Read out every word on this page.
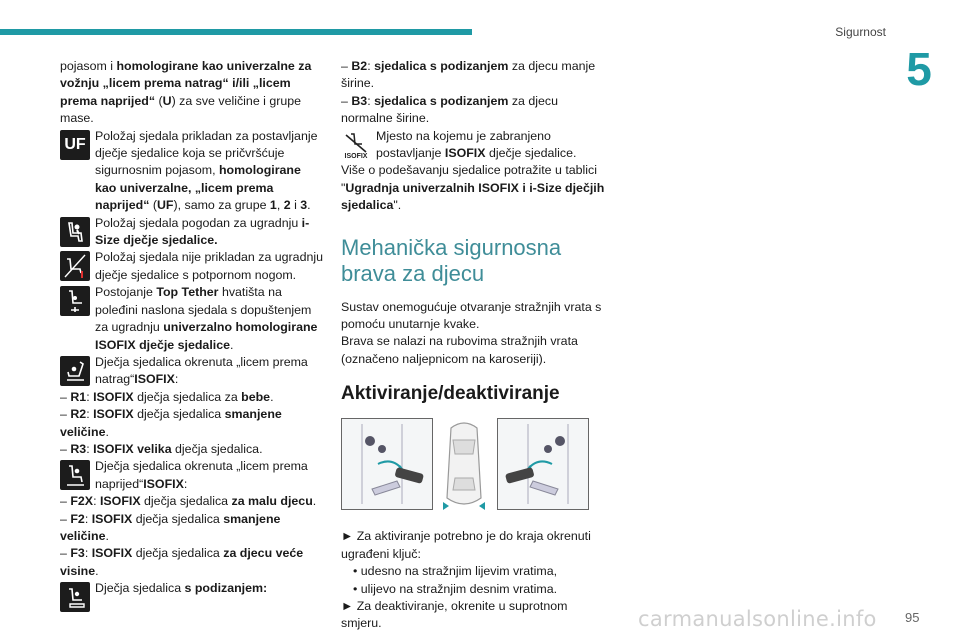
Sigurnost
5

pojasom i homologirane kao univerzalne za vožnju „licem prema natrag“ i/ili „licem prema naprijed“ (U) za sve veličine i grupe mase.

UF Položaj sjedala prikladan za postavljanje dječje sjedalice koja se pričvršćuje sigurnosnim pojasom, homologirane kao univerzalne, „licem prema naprijed“ (UF), samo za grupe 1, 2 i 3.
Položaj sjedala pogodan za ugradnju i-Size dječje sjedalice.
Položaj sjedala nije prikladan za ugradnju dječje sjedalice s potpornom nogom.
Postojanje Top Tether hvatišta na poleđini naslona sjedala s dopuštenjem za ugradnju univerzalno homologirane ISOFIX dječje sjedalice.
Dječja sjedalica okrenuta „licem prema natrag“ISOFIX:

– R1: ISOFIX dječja sjedalica za bebe.

– R2: ISOFIX dječja sjedalica smanjene veličine.

– R3: ISOFIX velika dječja sjedalica.

Dječja sjedalica okrenuta „licem prema naprijed“ISOFIX:

– F2X: ISOFIX dječja sjedalica za malu djecu.

– F2: ISOFIX dječja sjedalica smanjene veličine.

– F3: ISOFIX dječja sjedalica za djecu veće visine.

Dječja sjedalica s podizanjem:

– B2: sjedalica s podizanjem za djecu manje širine.

– B3: sjedalica s podizanjem za djecu normalne širine.

ISOFIX
Mjesto na kojemu je zabranjeno postavljanje ISOFIX dječje sjedalice.

Više o podešavanju sjedalice potražite u tablici "Ugradnja univerzalnih ISOFIX i i-Size dječjih sjedalica".

Mehanička sigurnosna brava za djecu

Sustav onemogućuje otvaranje stražnjih vrata s pomoću unutarnje kvake.

Brava se nalazi na rubovima stražnjih vrata (označeno naljepnicom na karoseriji).

Aktiviranje/deaktiviranje

► Za aktiviranje potrebno je do kraja okrenuti ugrađeni ključ:

• udesno na stražnjim lijevim vratima,

• ulijevo na stražnjim desnim vratima.

► Za deaktiviranje, okrenite u suprotnom smjeru.	carmanualsonline.info 95
